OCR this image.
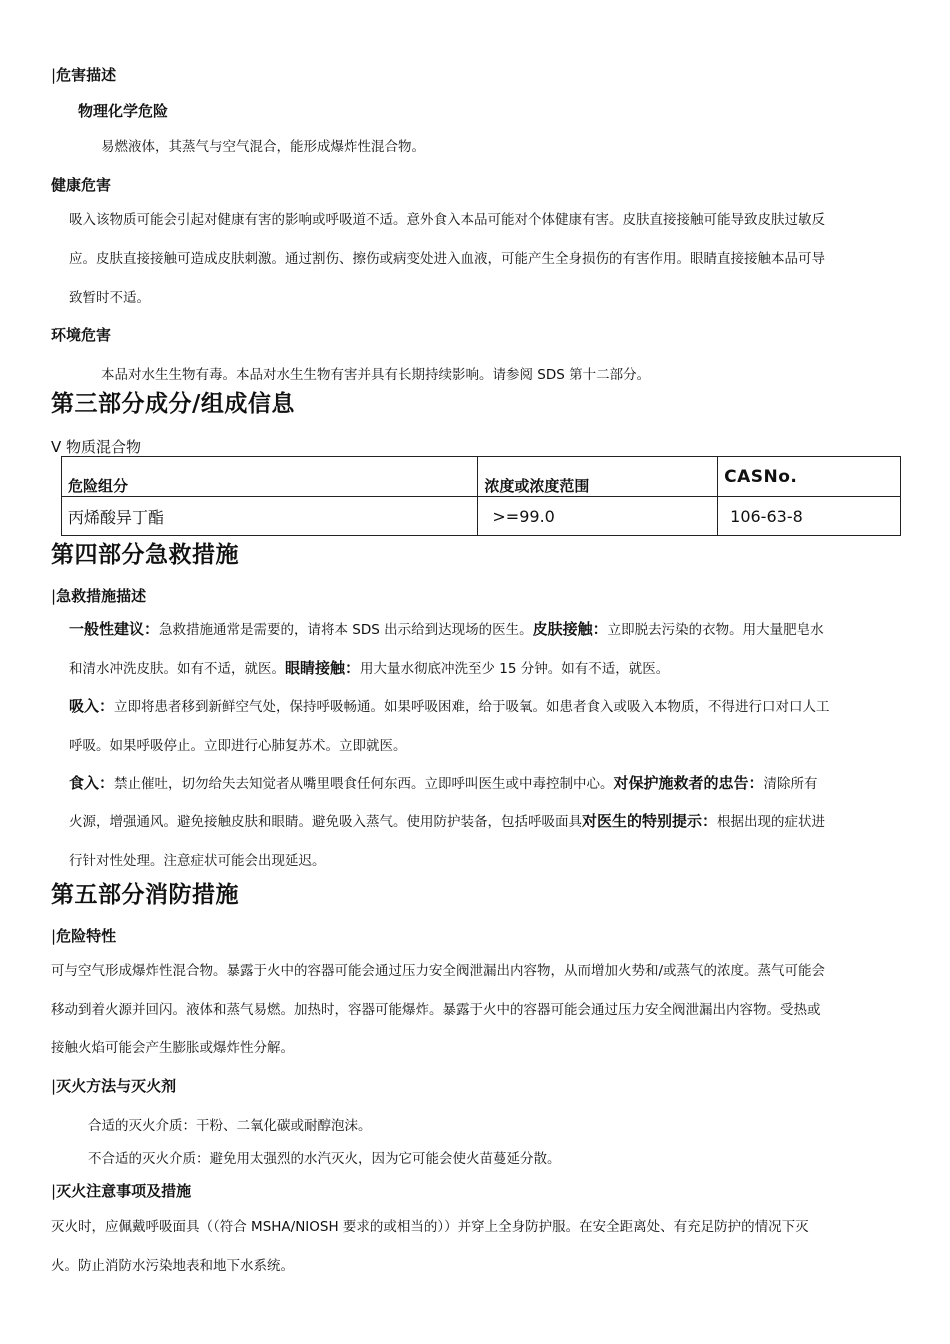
|危害描述
物理化学危险
易燃液体，其蒸气与空气混合，能形成爆炸性混合物。
健康危害
吸入该物质可能会引起对健康有害的影响或呼吸道不适。意外食入本品可能对个体健康有害。皮肤直接接触可能导致皮肤过敏反
应。皮肤直接接触可造成皮肤刺激。通过割伤、擦伤或病变处进入血液，可能产生全身损伤的有害作用。眼睛直接接触本品可导
致暂时不适。
环境危害
本品对水生生物有毒。本品对水生生物有害并具有长期持续影响。请参阅 SDS 第十二部分。
第三部分成分/组成信息
V 物质混合物
危险组分	浓度或浓度范围	CASNo.
丙烯酸异丁酯	>=99.0	106-63-8
第四部分急救措施
|急救措施描述
一般性建议：急救措施通常是需要的，请将本 SDS 出示给到达现场的医生。皮肤接触：立即脱去污染的衣物。用大量肥皂水
和清水冲洗皮肤。如有不适，就医。眼睛接触：用大量水彻底冲洗至少 15 分钟。如有不适，就医。
吸入：立即将患者移到新鲜空气处，保持呼吸畅通。如果呼吸困难，给于吸氧。如患者食入或吸入本物质，不得进行口对口人工
呼吸。如果呼吸停止。立即进行心肺复苏术。立即就医。
食入：禁止催吐，切勿给失去知觉者从嘴里喂食任何东西。立即呼叫医生或中毒控制中心。对保护施救者的忠告：清除所有
火源，增强通风。避免接触皮肤和眼睛。避免吸入蒸气。使用防护装备，包括呼吸面具对医生的特别提示：根据出现的症状进
行针对性处理。注意症状可能会出现延迟。
第五部分消防措施
|危险特性
可与空气形成爆炸性混合物。暴露于火中的容器可能会通过压力安全阀泄漏出内容物，从而增加火势和/或蒸气的浓度。蒸气可能会
移动到着火源并回闪。液体和蒸气易燃。加热时，容器可能爆炸。暴露于火中的容器可能会通过压力安全阀泄漏出内容物。受热或
接触火焰可能会产生膨胀或爆炸性分解。
|灭火方法与灭火剂
合适的灭火介质：干粉、二氧化碳或耐醇泡沫。
不合适的灭火介质：避免用太强烈的水汽灭火，因为它可能会使火苗蔓延分散。
|灭火注意事项及措施
灭火时，应佩戴呼吸面具（（符合 MSHA/NIOSH 要求的或相当的））并穿上全身防护服。在安全距离处、有充足防护的情况下灭
火。防止消防水污染地表和地下水系统。
